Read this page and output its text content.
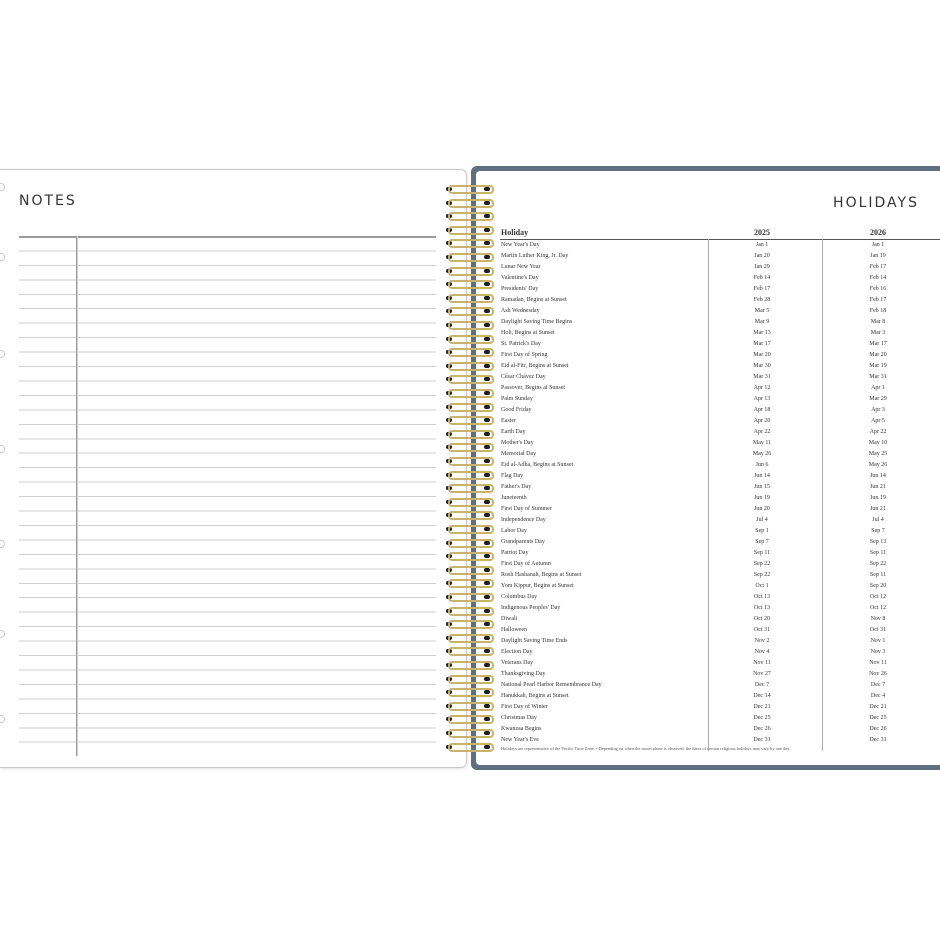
NOTES	HOLIDAYS
Holiday	2025	2026
New Year's Day	Jan 1	Jan 1
Martin Luther King, Jr. Day	Jan 20	Jan 19
Lunar New Year	Jan 29	Feb 17
Valentine's Day	Feb 14	Feb 14
Presidents' Day	Feb 17	Feb 16
Ramadan, Begins at Sunset	Feb 28	Feb 17
Ash Wednesday	Mar 5	Feb 18
Daylight Saving Time Begins	Mar 9	Mar 8
Holi, Begins at Sunset	Mar 13	Mar 3
St. Patrick's Day	Mar 17	Mar 17
First Day of Spring	Mar 20	Mar 20
Eid al-Fitr, Begins at Sunset	Mar 30	Mar 19
César Chávez Day	Mar 31	Mar 31
Passover, Begins at Sunset	Apr 12	Apr 1
Palm Sunday	Apr 13	Mar 29
Good Friday	Apr 18	Apr 3
Easter	Apr 20	Apr 5
Earth Day	Apr 22	Apr 22
Mother's Day	May 11	May 10
Memorial Day	May 26	May 25
Eid al-Adha, Begins at Sunset	Jun 6	May 26
Flag Day	Jun 14	Jun 14
Father's Day	Jun 15	Jun 21
Juneteenth	Jun 19	Jun 19
First Day of Summer	Jun 20	Jun 21
Independence Day	Jul 4	Jul 4
Labor Day	Sep 1	Sep 7
Grandparents Day	Sep 7	Sep 13
Patriot Day	Sep 11	Sep 11
First Day of Autumn	Sep 22	Sep 22
Rosh Hashanah, Begins at Sunset	Sep 22	Sep 11
Yom Kippur, Begins at Sunset	Oct 1	Sep 20
Columbus Day	Oct 13	Oct 12
Indigenous Peoples' Day	Oct 13	Oct 12
Diwali	Oct 20	Nov 8
Halloween	Oct 31	Oct 31
Daylight Saving Time Ends	Nov 2	Nov 1
Election Day	Nov 4	Nov 3
Veterans Day	Nov 11	Nov 11
Thanksgiving Day	Nov 27	Nov 26
National Pearl Harbor Remembrance Day	Dec 7	Dec 7
Hanukkah, Begins at Sunset	Dec 14	Dec 4
First Day of Winter	Dec 21	Dec 21
Christmas Day	Dec 25	Dec 25
Kwanzaa Begins	Dec 26	Dec 26
New Year's Eve	Dec 31	Dec 31
Holidays are representative of the Pacific Time Zone. • Depending on when the moon phase is observed, the dates of certain religious holidays may vary by one day.
